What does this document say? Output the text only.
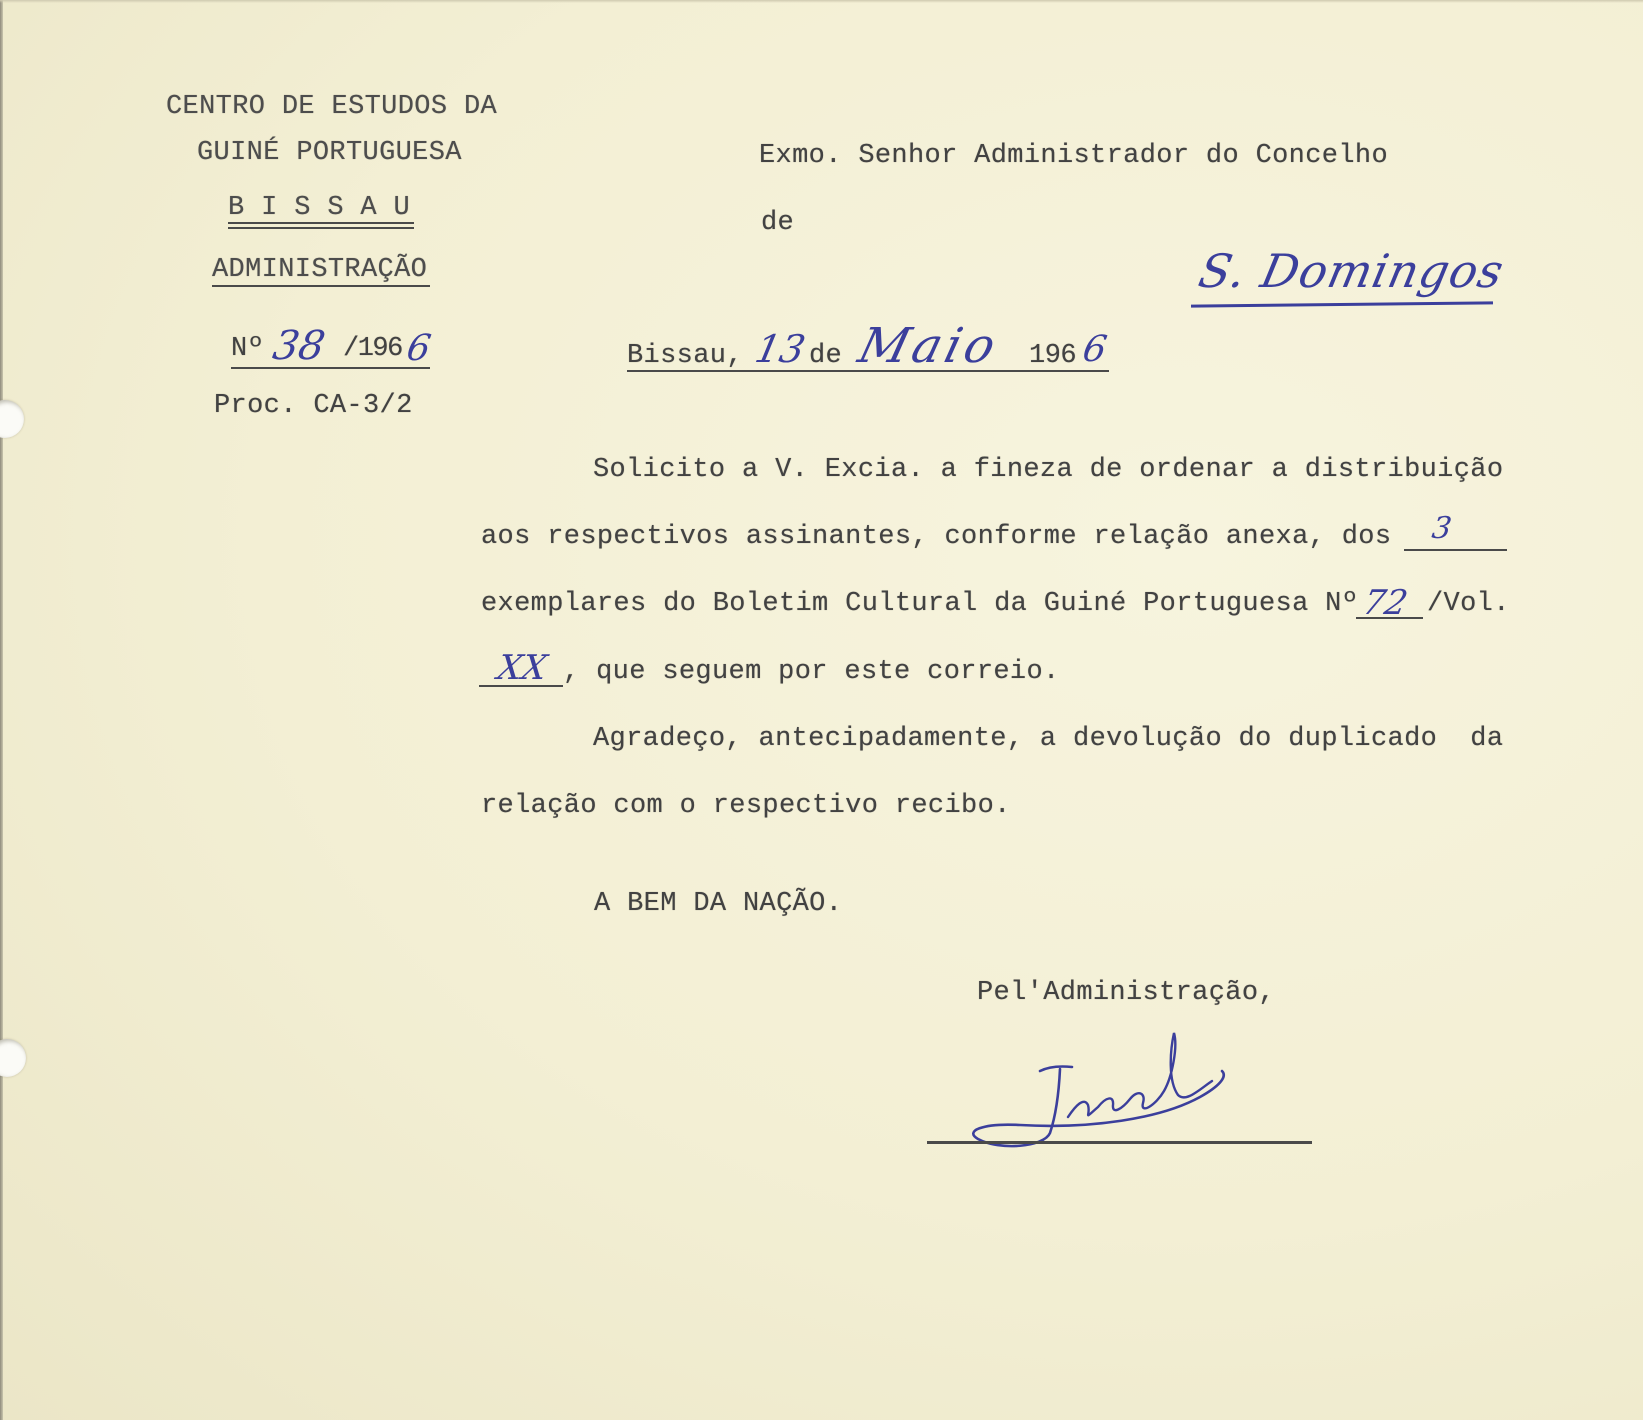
CENTRO DE ESTUDOS DA
GUINÉ PORTUGUESA
B I S S A U
ADMINISTRAÇÃO
Nº 38 /196 6
Proc. CA-3/2
Exmo. Senhor Administrador do Concelho
de
S. Domingos
Bissau, 13 de Maio 196 6
Solicito a V. Excia. a fineza de ordenar a distribuição
aos respectivos assinantes, conforme relação anexa, dos 3
exemplares do Boletim Cultural da Guiné Portuguesa Nº 72 /Vol.
XX , que seguem por este correio.
Agradeço, antecipadamente, a devolução do duplicado  da
relação com o respectivo recibo.
A BEM DA NAÇÃO.
Pel'Administração,
